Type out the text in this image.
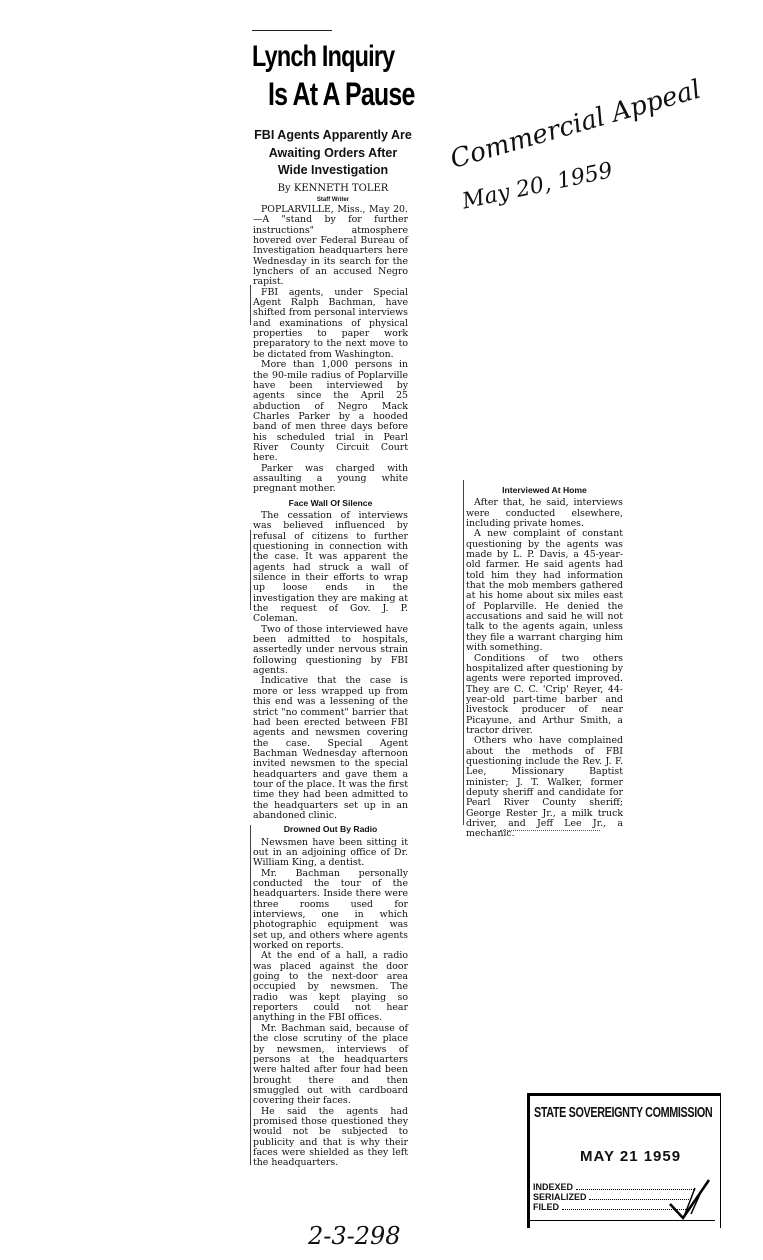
Lynch Inquiry
Is At A Pause
FBI Agents Apparently Are
Awaiting Orders After
Wide Investigation
By KENNETH TOLER
Staff Writer

POPLARVILLE, Miss., May 20.—A "stand by for further instructions" atmosphere hovered over Federal Bureau of Investigation headquarters here Wednesday in its search for the lynchers of an accused Negro rapist.

FBI agents, under Special Agent Ralph Bachman, have shifted from personal interviews and examinations of physical properties to paper work preparatory to the next move to be dictated from Washington.

More than 1,000 persons in the 90-mile radius of Poplarville have been interviewed by agents since the April 25 abduction of Negro Mack Charles Parker by a hooded band of men three days before his scheduled trial in Pearl River County Circuit Court here.

Parker was charged with assaulting a young white pregnant mother.

Face Wall Of Silence

The cessation of interviews was believed influenced by refusal of citizens to further questioning in connection with the case. It was apparent the agents had struck a wall of silence in their efforts to wrap up loose ends in the investigation they are making at the request of Gov. J. P. Coleman.

Two of those interviewed have been admitted to hospitals, assertedly under nervous strain following questioning by FBI agents.

Indicative that the case is more or less wrapped up from this end was a lessening of the strict "no comment" barrier that had been erected between FBI agents and newsmen covering the case. Special Agent Bachman Wednesday afternoon invited newsmen to the special headquarters and gave them a tour of the place. It was the first time they had been admitted to the headquarters set up in an abandoned clinic.

Drowned Out By Radio

Newsmen have been sitting it out in an adjoining office of Dr. William King, a dentist.

Mr. Bachman personally conducted the tour of the headquarters. Inside there were three rooms used for interviews, one in which photographic equipment was set up, and others where agents worked on reports.

At the end of a hall, a radio was placed against the door going to the next-door area occupied by newsmen. The radio was kept playing so reporters could not hear anything in the FBI offices.

Mr. Bachman said, because of the close scrutiny of the place by newsmen, interviews of persons at the headquarters were halted after four had been brought there and then smuggled out with cardboard covering their faces.

He said the agents had promised those questioned they would not be subjected to publicity and that is why their faces were shielded as they left the headquarters.

Interviewed At Home

After that, he said, interviews were conducted elsewhere, including private homes.

A new complaint of constant questioning by the agents was made by L. P. Davis, a 45-year-old farmer. He said agents had told him they had information that the mob members gathered at his home about six miles east of Poplarville. He denied the accusations and said he will not talk to the agents again, unless they file a warrant charging him with something.

Conditions of two others hospitalized after questioning by agents were reported improved. They are C. C. 'Crip' Reyer, 44-year-old part-time barber and livestock producer of near Picayune, and Arthur Smith, a tractor driver.

Others who have complained about the methods of FBI questioning include the Rev. J. F. Lee, Missionary Baptist minister; J. T. Walker, former deputy sheriff and candidate for Pearl River County sheriff; George Rester Jr., a milk truck driver, and Jeff Lee Jr., a mechanic.

Commercial Appeal
May 20, 1959
2-3-298
STATE SOVEREIGNTY COMMISSION
MAY 21 1959
INDEXED
SERIALIZED
FILED
